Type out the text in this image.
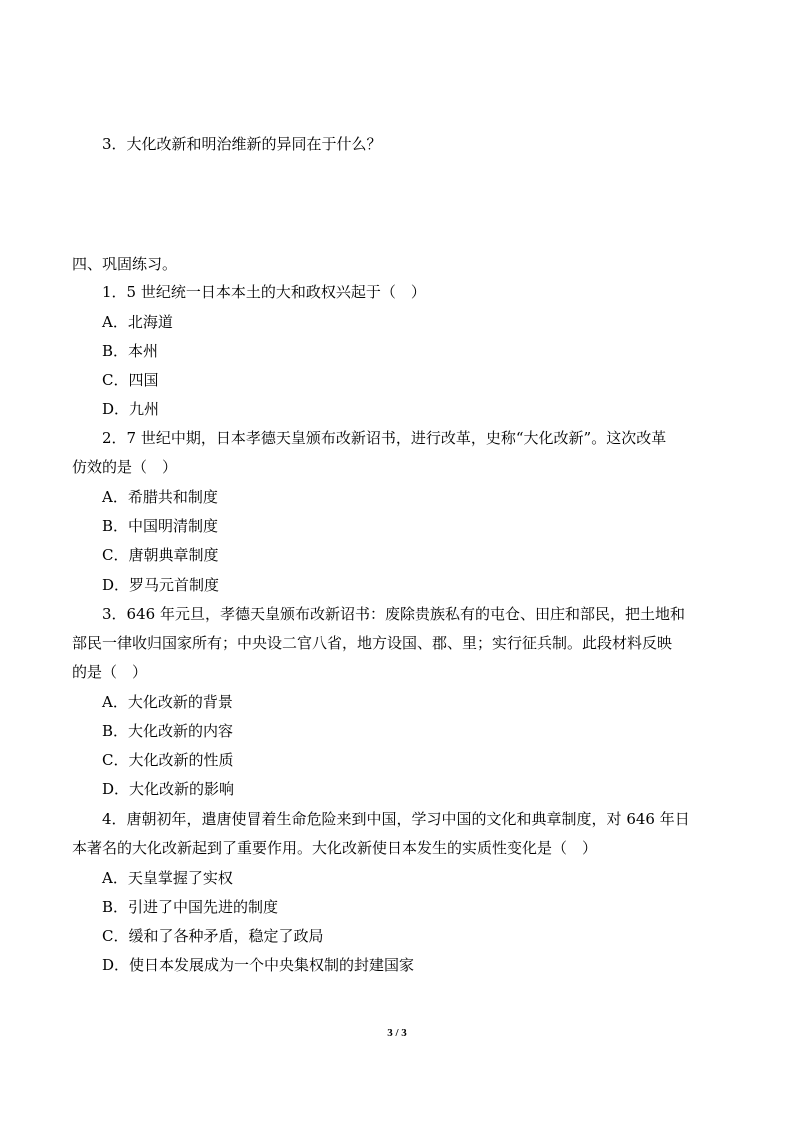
3．大化改新和明治维新的异同在于什么？
四、巩固练习。
1．5 世纪统一日本本土的大和政权兴起于（　）
A．北海道
B．本州
C．四国
D．九州
2．7 世纪中期，日本孝德天皇颁布改新诏书，进行改革，史称“大化改新”。这次改革
仿效的是（　）
A．希腊共和制度
B．中国明清制度
C．唐朝典章制度
D．罗马元首制度
3．646 年元旦，孝德天皇颁布改新诏书：废除贵族私有的屯仓、田庄和部民，把土地和
部民一律收归国家所有；中央设二官八省，地方设国、郡、里；实行征兵制。此段材料反映
的是（　）
A．大化改新的背景
B．大化改新的内容
C．大化改新的性质
D．大化改新的影响
4．唐朝初年，遣唐使冒着生命危险来到中国，学习中国的文化和典章制度，对 646 年日
本著名的大化改新起到了重要作用。大化改新使日本发生的实质性变化是（　）
A．天皇掌握了实权
B．引进了中国先进的制度
C．缓和了各种矛盾，稳定了政局
D．使日本发展成为一个中央集权制的封建国家
3 / 3
